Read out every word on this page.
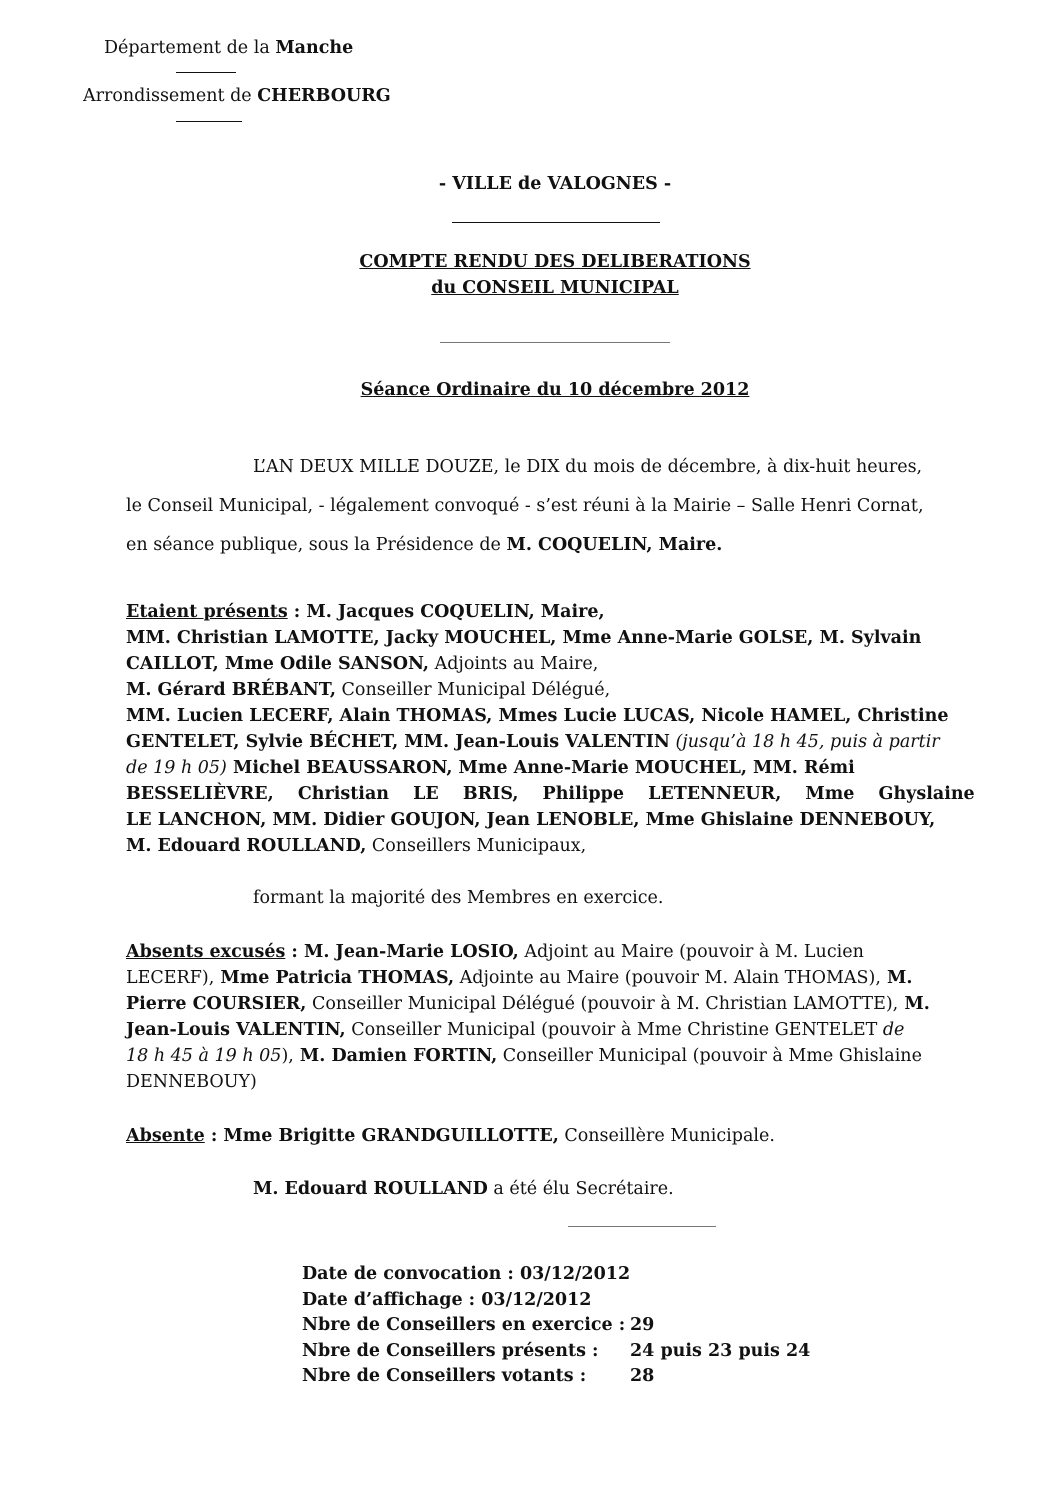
Département de la Manche
Arrondissement de CHERBOURG
- VILLE de VALOGNES -
COMPTE RENDU DES DELIBERATIONS
du CONSEIL MUNICIPAL
Séance Ordinaire du 10 décembre 2012
L’AN DEUX MILLE DOUZE, le DIX du mois de décembre, à dix-huit heures,
le Conseil Municipal, - légalement convoqué - s’est réuni à la Mairie – Salle Henri Cornat,
en séance publique, sous la Présidence de M. COQUELIN, Maire.
Etaient présents : M. Jacques COQUELIN, Maire,
MM. Christian LAMOTTE, Jacky MOUCHEL, Mme Anne-Marie GOLSE, M. Sylvain
CAILLOT, Mme Odile SANSON, Adjoints au Maire,
M. Gérard BRÉBANT, Conseiller Municipal Délégué,
MM. Lucien LECERF, Alain THOMAS, Mmes Lucie LUCAS, Nicole HAMEL, Christine
GENTELET, Sylvie BÉCHET, MM. Jean-Louis VALENTIN (jusqu’à 18 h 45, puis à partir
de 19 h 05) Michel BEAUSSARON, Mme Anne-Marie MOUCHEL, MM. Rémi
BESSELIÈVRE, Christian LE BRIS, Philippe LETENNEUR, Mme Ghyslaine
LE LANCHON, MM. Didier GOUJON, Jean LENOBLE, Mme Ghislaine DENNEBOUY,
M. Edouard ROULLAND, Conseillers Municipaux,
formant la majorité des Membres en exercice.
Absents excusés : M. Jean-Marie LOSIO, Adjoint au Maire (pouvoir à M. Lucien
LECERF), Mme Patricia THOMAS, Adjointe au Maire (pouvoir M. Alain THOMAS), M.
Pierre COURSIER, Conseiller Municipal Délégué (pouvoir à M. Christian LAMOTTE), M.
Jean-Louis VALENTIN, Conseiller Municipal (pouvoir à Mme Christine GENTELET de
18 h 45 à 19 h 05), M. Damien FORTIN, Conseiller Municipal (pouvoir à Mme Ghislaine
DENNEBOUY)
Absente : Mme Brigitte GRANDGUILLOTTE, Conseillère Municipale.
M. Edouard ROULLAND a été élu Secrétaire.
Date de convocation : 03/12/2012
Date d’affichage : 03/12/2012
Nbre de Conseillers en exercice : 29
Nbre de Conseillers présents : 24 puis 23 puis 24
Nbre de Conseillers votants :	28
